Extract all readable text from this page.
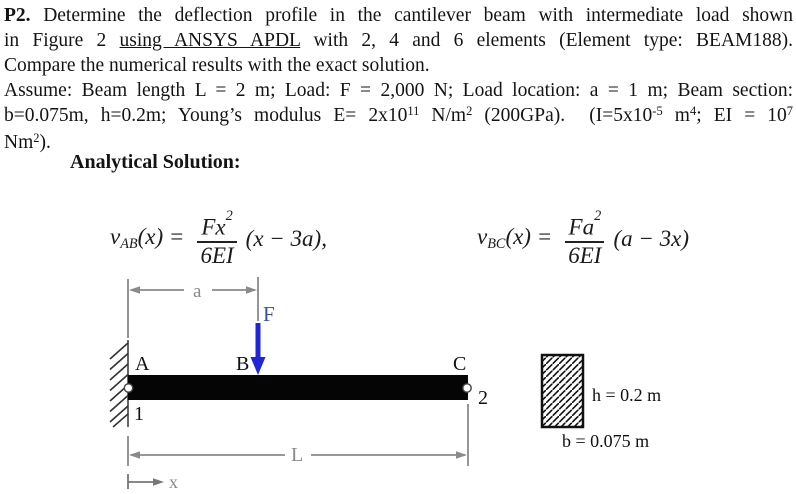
P2. Determine the deflection profile in the cantilever beam with intermediate load shown
in Figure 2 using ANSYS APDL with 2, 4 and 6 elements (Element type: BEAM188).
Compare the numerical results with the exact solution.
Assume: Beam length L = 2 m; Load: F = 2,000 N; Load location: a = 1 m; Beam section:
b=0.075m, h=0.2m; Young’s modulus $E= 2x10^{11}$ $N/m^2$ (200GPa).  ($I=5x10^{-5}$ $m^4$; EI = $10^7$
Nm$^2$).
Analytical Solution:
$v_{AB}(x) = \frac{Fx^2}{6EI} (x - 3a)$,	$v_{BC}(x) = \frac{Fa^2}{6EI} (a - 3x)$
a
F
A	B	C
1
2
L
x
h = 0.2 m
b = 0.075 m
